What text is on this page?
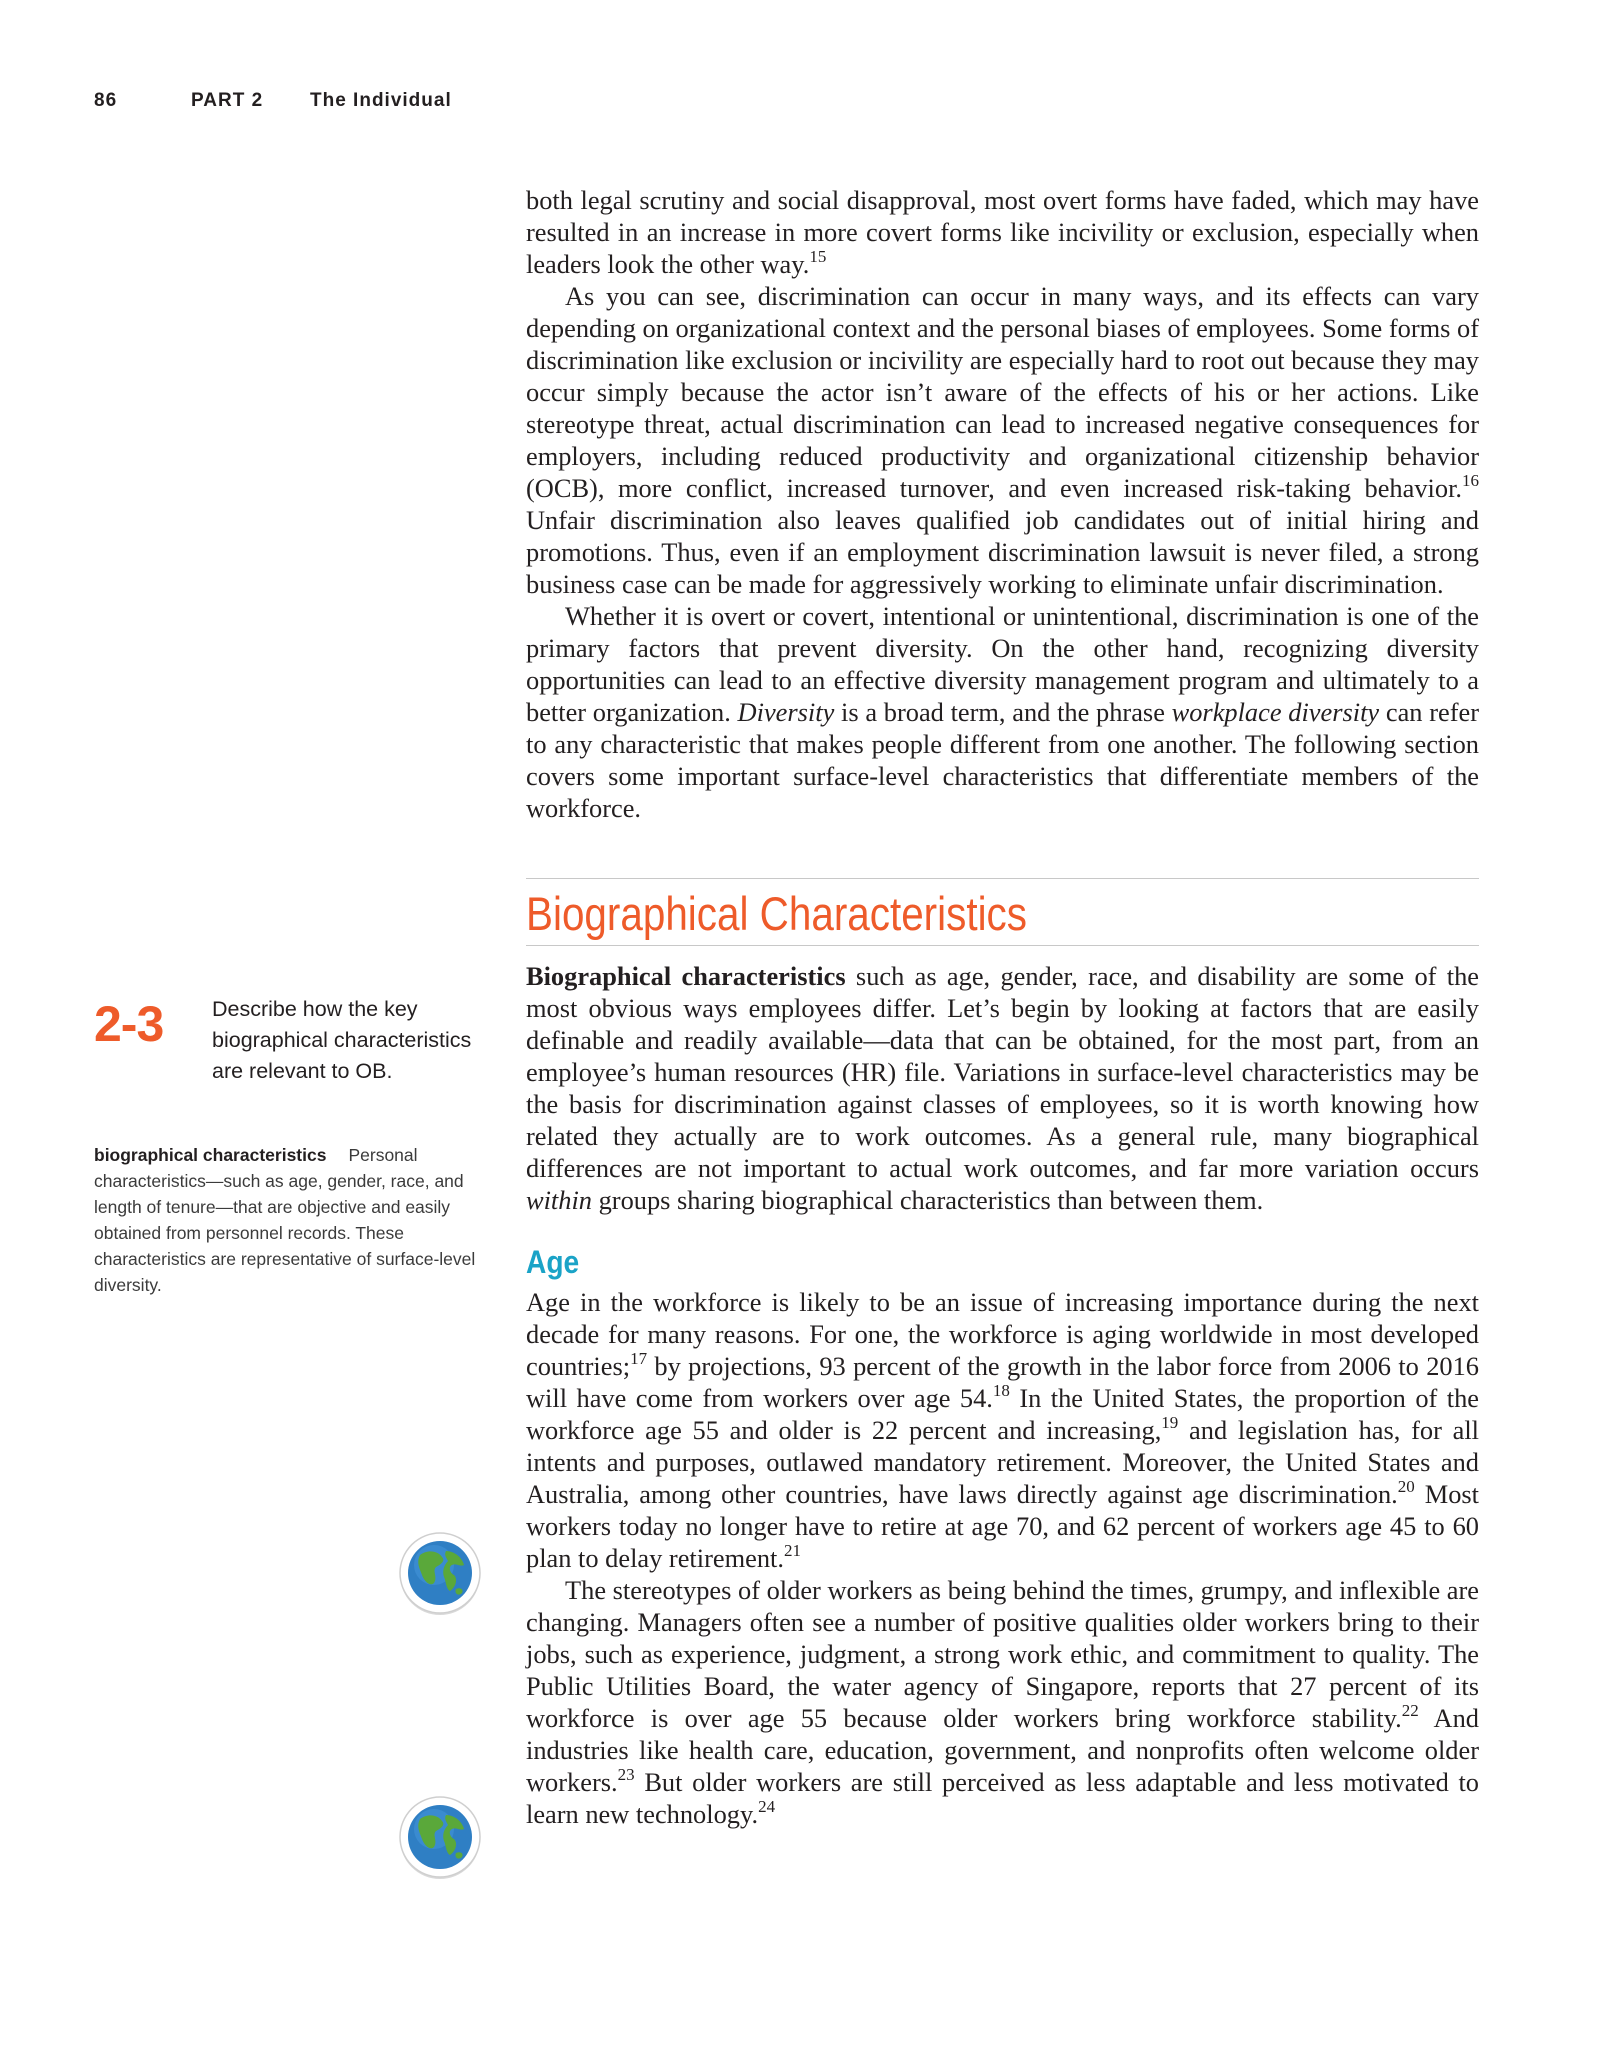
86	PART 2 The Individual

both legal scrutiny and social disapproval, most overt forms have faded, which may have resulted in an increase in more covert forms like incivility or exclusion, especially when leaders look the other way.$^{15}$

As you can see, discrimination can occur in many ways, and its effects can vary depending on organizational context and the personal biases of employees. Some forms of discrimination like exclusion or incivility are especially hard to root out because they may occur simply because the actor isn’t aware of the effects of his or her actions. Like stereotype threat, actual discrimination can lead to increased negative consequences for employers, including reduced productivity and organizational citizenship behavior (OCB), more conflict, increased turnover, and even increased risk-taking behavior.$^{16}$ Unfair discrimination also leaves qualified job candidates out of initial hiring and promotions. Thus, even if an employment discrimination lawsuit is never filed, a strong business case can be made for aggressively working to eliminate unfair discrimination.

Whether it is overt or covert, intentional or unintentional, discrimination is one of the primary factors that prevent diversity. On the other hand, recognizing diversity opportunities can lead to an effective diversity management program and ultimately to a better organization. Diversity is a broad term, and the phrase workplace diversity can refer to any characteristic that makes people different from one another. The following section covers some important surface-level characteristics that differentiate members of the workforce.

Biographical Characteristics

Biographical characteristics such as age, gender, race, and disability are some of the most obvious ways employees differ. Let’s begin by looking at factors that are easily definable and readily available—data that can be obtained, for the most part, from an employee’s human resources (HR) file. Variations in surface-level characteristics may be the basis for discrimination against classes of employees, so it is worth knowing how related they actually are to work outcomes. As a general rule, many biographical differences are not important to actual work outcomes, and far more variation occurs within groups sharing biographical characteristics than between them.

Age

Age in the workforce is likely to be an issue of increasing importance during the next decade for many reasons. For one, the workforce is aging worldwide in most developed countries;$^{17}$ by projections, 93 percent of the growth in the labor force from 2006 to 2016 will have come from workers over age 54.18 In the United States, the proportion of the workforce age 55 and older is 22 percent and increasing,$^{19}$ and legislation has, for all intents and purposes, outlawed mandatory retirement. Moreover, the United States and Australia, among other countries, have laws directly against age discrimination.$^{20}$ Most workers today no longer have to retire at age 70, and 62 percent of workers age 45 to 60 plan to delay retirement.$^{21}$

The stereotypes of older workers as being behind the times, grumpy, and inflexible are changing. Managers often see a number of positive qualities older workers bring to their jobs, such as experience, judgment, a strong work ethic, and commitment to quality. The Public Utilities Board, the water agency of Singapore, reports that 27 percent of its workforce is over age 55 because older workers bring workforce stability.$^{22}$ And industries like health care, education, government, and nonprofits often welcome older workers.$^{23}$ But older workers are still perceived as less adaptable and less motivated to learn new technology.$^{24}$

2-3 Describe how the key biographical characteristics are relevant to OB.
biographical characteristics Personal characteristics—such as age, gender, race, and length of tenure—that are objective and easily obtained from personnel records. These characteristics are representative of surface-level diversity.
